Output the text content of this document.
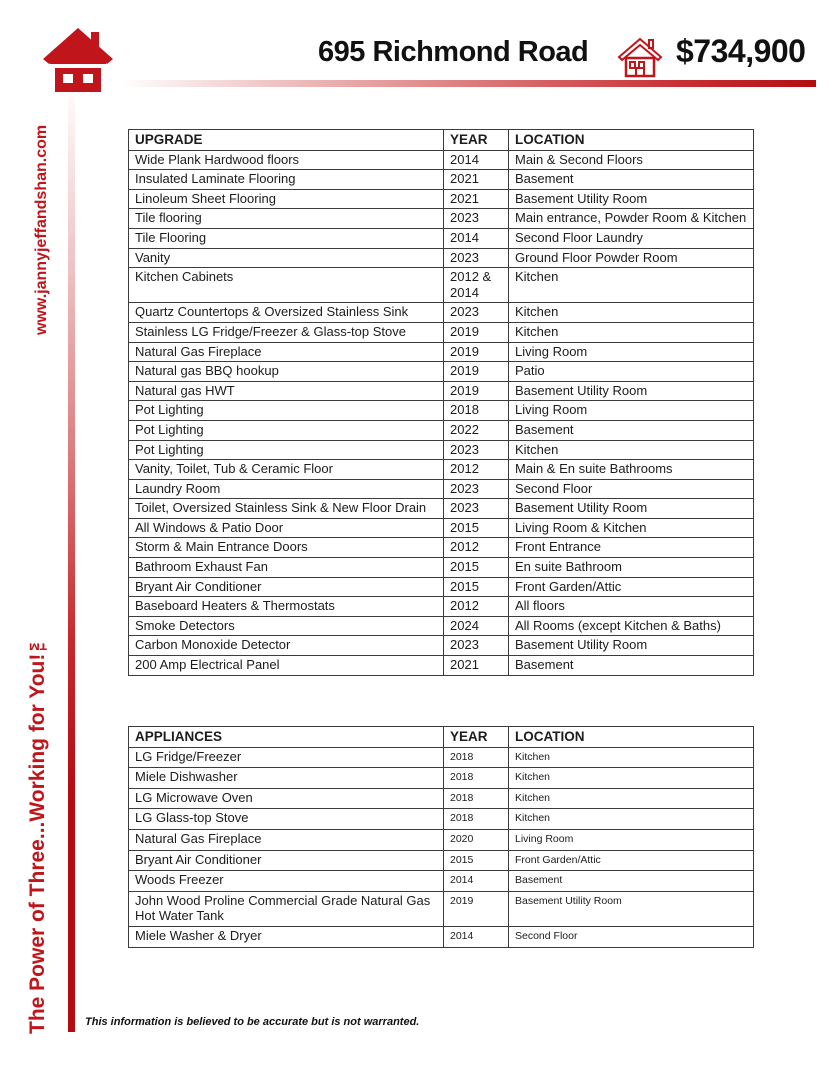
695 Richmond Road	$734,900
www.jannyjeffandshan.com
The Power of Three...Working for You!™
UPGRADE	YEAR	LOCATION
Wide Plank Hardwood floors	2014	Main & Second Floors
Insulated Laminate Flooring	2021	Basement
Linoleum Sheet Flooring	2021	Basement Utility Room
Tile flooring	2023	Main entrance, Powder Room & Kitchen
Tile Flooring	2014	Second Floor Laundry
Vanity	2023	Ground Floor Powder Room
Kitchen Cabinets	2012 & 2014	Kitchen
Quartz Countertops & Oversized Stainless Sink	2023	Kitchen
Stainless LG Fridge/Freezer & Glass-top Stove	2019	Kitchen
Natural Gas Fireplace	2019	Living Room
Natural gas BBQ hookup	2019	Patio
Natural gas HWT	2019	Basement Utility Room
Pot Lighting	2018	Living Room
Pot Lighting	2022	Basement
Pot Lighting	2023	Kitchen
Vanity, Toilet, Tub & Ceramic Floor	2012	Main & En suite Bathrooms
Laundry Room	2023	Second Floor
Toilet, Oversized Stainless Sink & New Floor Drain	2023	Basement Utility Room
All Windows & Patio Door	2015	Living Room & Kitchen
Storm & Main Entrance Doors	2012	Front Entrance
Bathroom Exhaust Fan	2015	En suite Bathroom
Bryant Air Conditioner	2015	Front Garden/Attic
Baseboard Heaters & Thermostats	2012	All floors
Smoke Detectors	2024	All Rooms (except Kitchen & Baths)
Carbon Monoxide Detector	2023	Basement Utility Room
200 Amp Electrical Panel	2021	Basement
APPLIANCES	YEAR	LOCATION
LG Fridge/Freezer	2018	Kitchen
Miele Dishwasher	2018	Kitchen
LG Microwave Oven	2018	Kitchen
LG Glass-top Stove	2018	Kitchen
Natural Gas Fireplace	2020	Living Room
Bryant Air Conditioner	2015	Front Garden/Attic
Woods Freezer	2014	Basement
John Wood Proline Commercial Grade Natural Gas Hot Water Tank	2019	Basement Utility Room
Miele Washer & Dryer	2014	Second Floor
This information is believed to be accurate but is not warranted.
